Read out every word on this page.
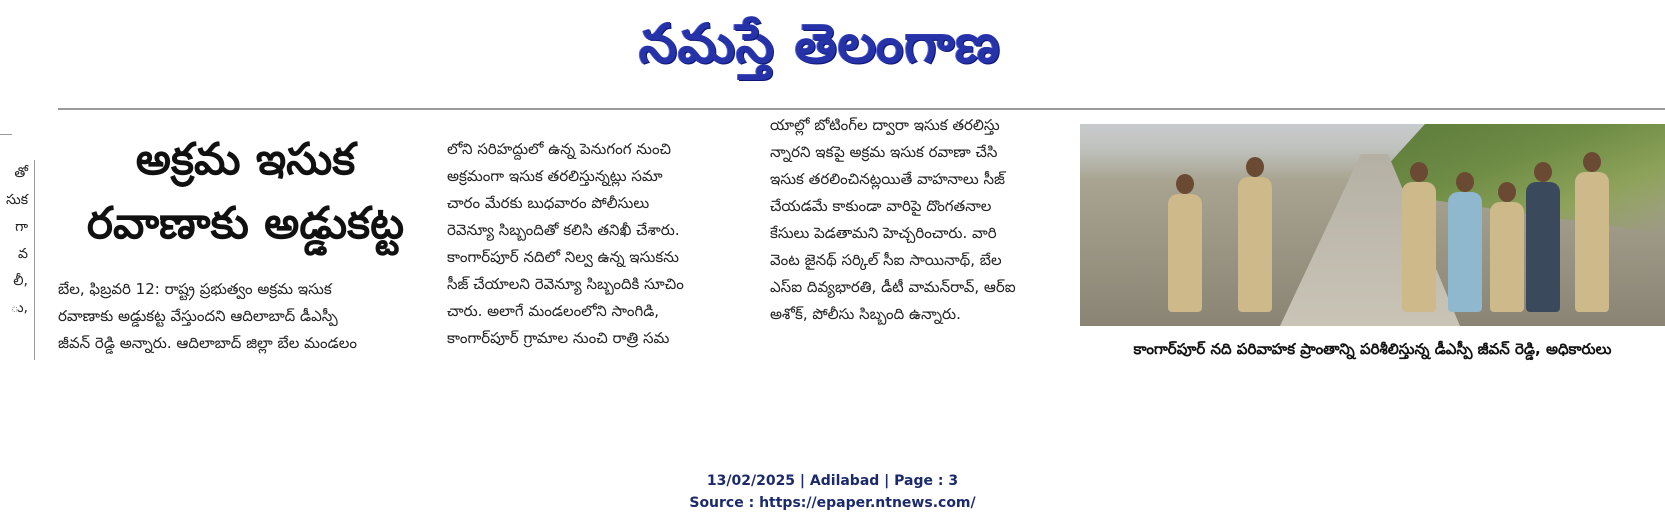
నమస్తే తెలంగాణ
తో
సుక
గా
వ
లీ,
ు,
అక్రమ ఇసుక
రవాణాకు అడ్డుకట్ట
బేల, ఫిబ్రవరి 12: రాష్ట్ర ప్రభుత్వం అక్రమ ఇసుక
రవాణాకు అడ్డుకట్ట వేస్తుందని ఆదిలాబాద్ డీఎస్పీ
జీవన్ రెడ్డి అన్నారు. ఆదిలాబాద్ జిల్లా బేల మండలం
లోని సరిహద్దులో ఉన్న పెనుగంగ నుంచి
అక్రమంగా ఇసుక తరలిస్తున్నట్లు సమా
చారం మేరకు బుధవారం పోలీసులు
రెవెన్యూ సిబ్బందితో కలిసి తనిఖీ చేశారు.
కాంగార్‌పూర్ నదిలో నిల్వ ఉన్న ఇసుకను
సీజ్ చేయాలని రెవెన్యూ సిబ్బందికి సూచిం
చారు. అలాగే మండలంలోని సాంగిడి,
కాంగార్‌పూర్ గ్రామాల నుంచి రాత్రి సమ
యాల్లో బోటింగ్‌ల ద్వారా ఇసుక తరలిస్తు
న్నారని ఇకపై అక్రమ ఇసుక రవాణా చేసి
ఇసుక తరలించినట్లయితే వాహనాలు సీజ్
చేయడమే కాకుండా వారిపై దొంగతనాల
కేసులు పెడతామని హెచ్చరించారు. వారి
వెంట జైనథ్ సర్కిల్ సీఐ సాయినాథ్, బేల
ఎస్ఐ దివ్యభారతి, డీటీ వామన్‌రావ్, ఆర్ఐ
అశోక్, పోలీసు సిబ్బంది ఉన్నారు.
కాంగార్‌పూర్ నది పరివాహక ప్రాంతాన్ని పరిశీలిస్తున్న డీఎస్పీ జీవన్ రెడ్డి, అధికారులు
13/02/2025 | Adilabad | Page : 3
Source : https://epaper.ntnews.com/
